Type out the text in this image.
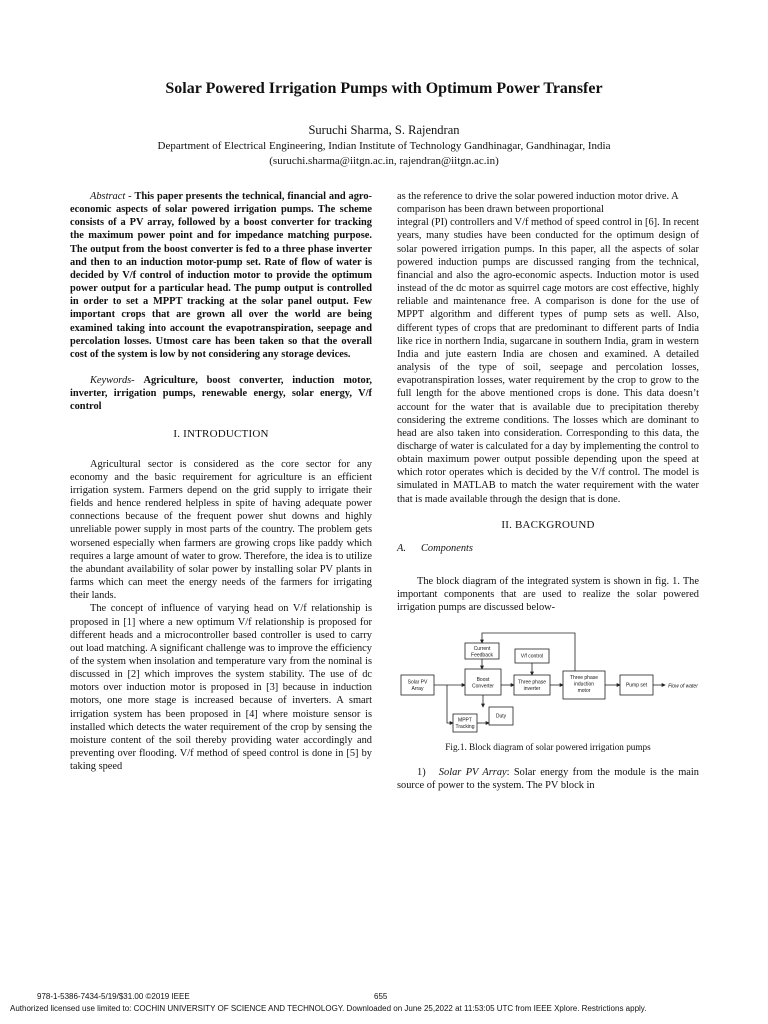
Solar Powered Irrigation Pumps with Optimum Power Transfer
Suruchi Sharma, S. Rajendran
Department of Electrical Engineering, Indian Institute of Technology Gandhinagar, Gandhinagar, India
(suruchi.sharma@iitgn.ac.in, rajendran@iitgn.ac.in)

Abstract - This paper presents the technical, financial and agro-economic aspects of solar powered irrigation pumps. The scheme consists of a PV array, followed by a boost converter for tracking the maximum power point and for impedance matching purpose. The output from the boost converter is fed to a three phase inverter and then to an induction motor-pump set. Rate of flow of water is decided by V/f control of induction motor to provide the optimum power output for a particular head. The pump output is controlled in order to set a MPPT tracking at the solar panel output. Few important crops that are grown all over the world are being examined taking into account the evapotranspiration, seepage and percolation losses. Utmost care has been taken so that the overall cost of the system is low by not considering any storage devices.

Keywords- Agriculture, boost converter, induction motor, inverter, irrigation pumps, renewable energy, solar energy, V/f control

I. INTRODUCTION

Agricultural sector is considered as the core sector for any economy and the basic requirement for agriculture is an efficient irrigation system. Farmers depend on the grid supply to irrigate their fields and hence rendered helpless in spite of having adequate power connections because of the frequent power shut downs and highly unreliable power supply in most parts of the country. The problem gets worsened especially when farmers are growing crops like paddy which requires a large amount of water to grow. Therefore, the idea is to utilize the abundant availability of solar power by installing solar PV plants in farms which can meet the energy needs of the farmers for irrigating their lands.

The concept of influence of varying head on V/f relationship is proposed in [1] where a new optimum V/f relationship is proposed for different heads and a microcontroller based controller is used to carry out load matching. A significant challenge was to improve the efficiency of the system when insolation and temperature vary from the nominal is discussed in [2] which improves the system stability. The use of dc motors over induction motor is proposed in [3] because in induction motors, one more stage is increased because of inverters. A smart irrigation system has been proposed in [4] where moisture sensor is installed which detects the water requirement of the crop by sensing the moisture content of the soil thereby providing water accordingly and preventing over flooding. V/f method of speed control is done in [5] by taking speed

as the reference to drive the solar powered induction motor drive. A comparison has been drawn between proportional

integral (PI) controllers and V/f method of speed control in [6]. In recent years, many studies have been conducted for the optimum design of solar powered irrigation pumps. In this paper, all the aspects of solar powered induction pumps are discussed ranging from the technical, financial and also the agro-economic aspects. Induction motor is used instead of the dc motor as squirrel cage motors are cost effective, highly reliable and maintenance free. A comparison is done for the use of MPPT algorithm and different types of pump sets as well. Also, different types of crops that are predominant to different parts of India like rice in northern India, sugarcane in southern India, gram in western India and jute eastern India are chosen and examined. A detailed analysis of the type of soil, seepage and percolation losses, evapotranspiration losses, water requirement by the crop to grow to the full length for the above mentioned crops is done. This data doesn’t account for the water that is available due to precipitation thereby considering the extreme conditions. The losses which are dominant to head are also taken into consideration. Corresponding to this data, the discharge of water is calculated for a day by implementing the control to obtain maximum power output possible depending upon the speed at which rotor operates which is decided by the V/f control. The model is simulated in MATLAB to match the water requirement with the water that is made available through the design that is done.

II. BACKGROUND

A. Components

The block diagram of the integrated system is shown in fig. 1. The important components that are used to realize the solar powered irrigation pumps are discussed below-

Solar PV
Array
Boost
Converter
Three phase
inverter
Three phase
induction
motor
Pump set
Current
Feedback	V/f control
MPPT
Tracking
Duty
Flow of water

Fig.1. Block diagram of solar powered irrigation pumps

1) Solar PV Array: Solar energy from the module is the main source of power to the system. The PV block in

978-1-5386-7434-5/19/$31.00 ©2019 IEEE	655
Authorized licensed use limited to: COCHIN UNIVERSITY OF SCIENCE AND TECHNOLOGY. Downloaded on June 25,2022 at 11:53:05 UTC from IEEE Xplore. Restrictions apply.
